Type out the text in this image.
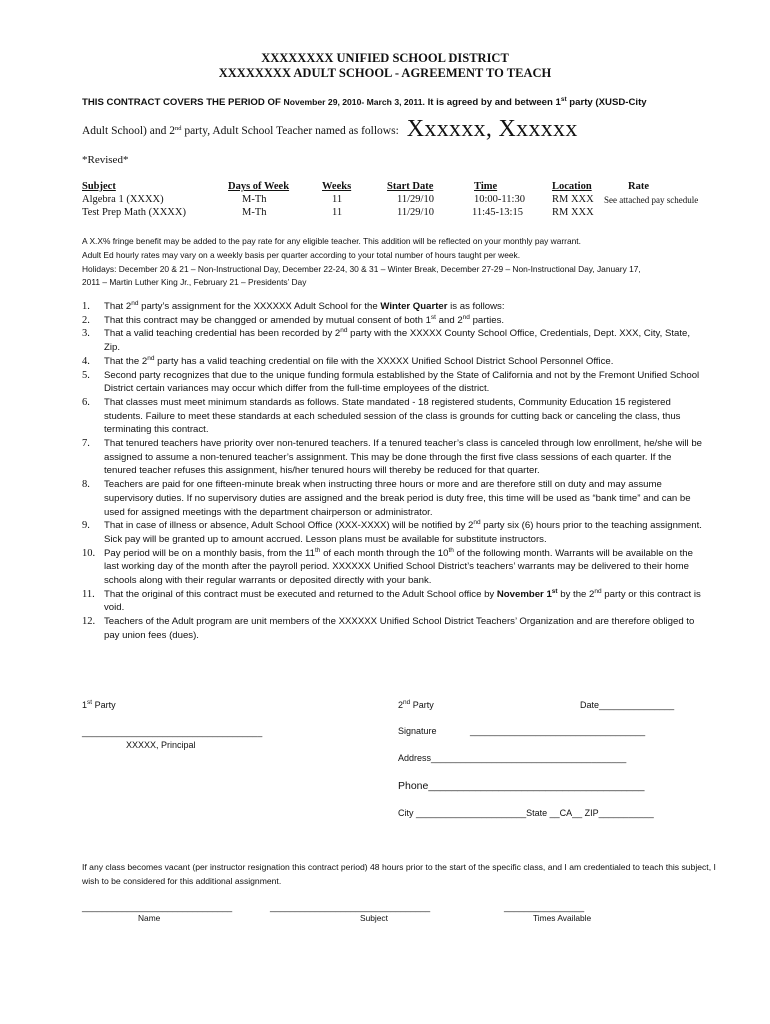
XXXXXXXX UNIFIED SCHOOL DISTRICT
XXXXXXXX ADULT SCHOOL - AGREEMENT TO TEACH
THIS CONTRACT COVERS THE PERIOD OF November 29, 2010- March 3, 2011. It is agreed by and between 1st party (XUSD-City
Adult School) and 2nd party, Adult School Teacher named as follows: Xxxxxx, Xxxxxx
*Revised*
Subject	Days of Week	Weeks	Start Date	Time	Location	Rate
Algebra 1 (XXXX)	M-Th	11	11/29/10	10:00-11:30	RM XXX See attached pay schedule
Test Prep Math (XXXX)	M-Th	11	11/29/10	11:45-13:15	RM XXX
A X.X% fringe benefit may be added to the pay rate for any eligible teacher. This addition will be reflected on your monthly pay warrant.
Adult Ed hourly rates may vary on a weekly basis per quarter according to your total number of hours taught per week.
Holidays: December 20 & 21 – Non-Instructional Day, December 22-24, 30 & 31 – Winter Break, December 27-29 – Non-Instructional Day, January 17,
2011 – Martin Luther King Jr., February 21 – Presidents’ Day
1. That 2nd party’s assignment for the XXXXXX Adult School for the Winter Quarter is as follows:
2. That this contract may be changged or amended by mutual consent of both 1st and 2nd parties.
3. That a valid teaching credential has been recorded by 2nd party with the XXXXX County School Office, Credentials, Dept. XXX, City, State, Zip.
4. That the 2nd party has a valid teaching credential on file with the XXXXX Unified School District School Personnel Office.
5. Second party recognizes that due to the unique funding formula established by the State of California and not by the Fremont Unified School District certain variances may occur which differ from the full-time employees of the district.
6. That classes must meet minimum standards as follows. State mandated - 18 registered students, Community Education 15 registered students. Failure to meet these standards at each scheduled session of the class is grounds for cutting back or canceling the class, thus terminating this contract.
7. That tenured teachers have priority over non-tenured teachers. If a tenured teacher’s class is canceled through low enrollment, he/she will be assigned to assume a non-tenured teacher’s assignment. This may be done through the first five class sessions of each quarter. If the tenured teacher refuses this assignment, his/her tenured hours will thereby be reduced for that quarter.
8. Teachers are paid for one fifteen-minute break when instructing three hours or more and are therefore still on duty and may assume supervisory duties. If no supervisory duties are assigned and the break period is duty free, this time will be used as “bank time” and can be used for assigned meetings with the department chairperson or administrator.
9. That in case of illness or absence, Adult School Office (XXX-XXXX) will be notified by 2nd party six (6) hours prior to the teaching assignment. Sick pay will be granted up to amount accrued. Lesson plans must be available for substitute instructors.
10. Pay period will be on a monthly basis, from the 11th of each month through the 10th of the following month. Warrants will be available on the last working day of the month after the payroll period. XXXXXX Unified School District’s teachers’ warrants may be delivered to their home schools along with their regular warrants or deposited directly with your bank.
11. That the original of this contract must be executed and returned to the Adult School office by November 1st by the 2nd party or this contract is void.
12. Teachers of the Adult program are unit members of the XXXXXX Unified School District Teachers’ Organization and are therefore obliged to pay union fees (dues).
1st Party
____________________________________
XXXXX, Principal
2nd Party	Date_______________
Signature	___________________________________
Address_______________________________________
Phone_____________________________________
City ______________________State __CA__ ZIP___________
If any class becomes vacant (per instructor resignation this contract period) 48 hours prior to the start of the specific class, and I am credentialed to teach this subject, I wish to be considered for this additional assignment.
______________________________	________________________________	________________
Name	Subject	Times Available
